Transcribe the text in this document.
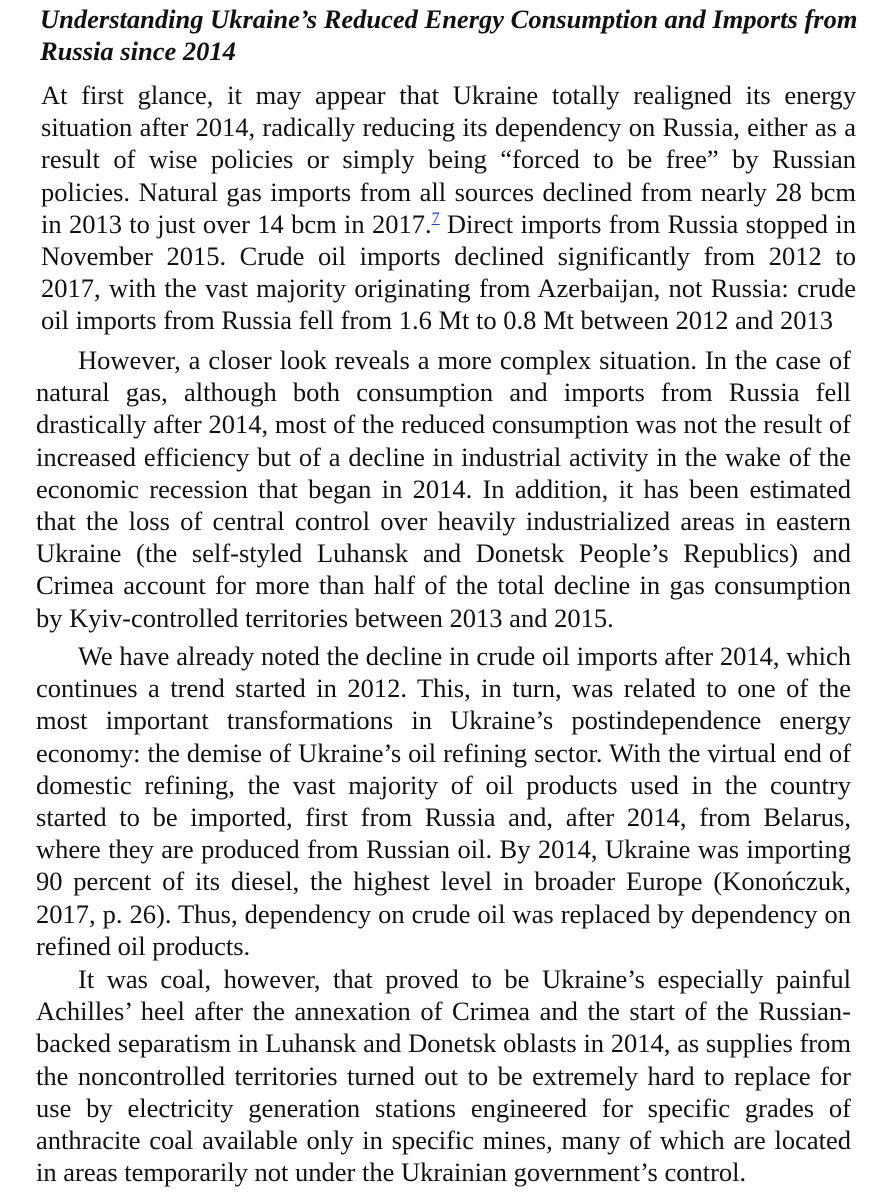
Understanding Ukraine’s Reduced Energy Consumption and Imports from Russia since 2014

At first glance, it may appear that Ukraine totally realigned its energy situation after 2014, radically reducing its dependency on Russia, either as a result of wise policies or simply being “forced to be free” by Russian policies. Natural gas imports from all sources declined from nearly 28 bcm in 2013 to just over 14 bcm in 2017.$^7$ Direct imports from Russia stopped in November 2015. Crude oil imports declined significantly from 2012 to 2017, with the vast majority originating from Azerbaijan, not Russia: crude oil imports from Russia fell from 1.6 Mt to 0.8 Mt between 2012 and 2013

However, a closer look reveals a more complex situation. In the case of natural gas, although both consumption and imports from Russia fell drastically after 2014, most of the reduced consumption was not the result of increased efficiency but of a decline in industrial activity in the wake of the economic recession that began in 2014. In addition, it has been estimated that the loss of central control over heavily industrialized areas in eastern Ukraine (the self-styled Luhansk and Donetsk People’s Republics) and Crimea account for more than half of the total decline in gas consumption by Kyiv-controlled territories between 2013 and 2015.

We have already noted the decline in crude oil imports after 2014, which continues a trend started in 2012. This, in turn, was related to one of the most important transformations in Ukraine’s postindependence energy economy: the demise of Ukraine’s oil refining sector. With the virtual end of domestic refining, the vast majority of oil products used in the country started to be imported, first from Russia and, after 2014, from Belarus, where they are produced from Russian oil. By 2014, Ukraine was importing 90 percent of its diesel, the highest level in broader Europe (Konończuk, 2017, p. 26). Thus, dependency on crude oil was replaced by dependency on refined oil products.

It was coal, however, that proved to be Ukraine’s especially painful Achilles’ heel after the annexation of Crimea and the start of the Russian-backed separatism in Luhansk and Donetsk oblasts in 2014, as supplies from the noncontrolled territories turned out to be extremely hard to replace for use by electricity generation stations engineered for specific grades of anthracite coal available only in specific mines, many of which are located in areas temporarily not under the Ukrainian government’s control.
